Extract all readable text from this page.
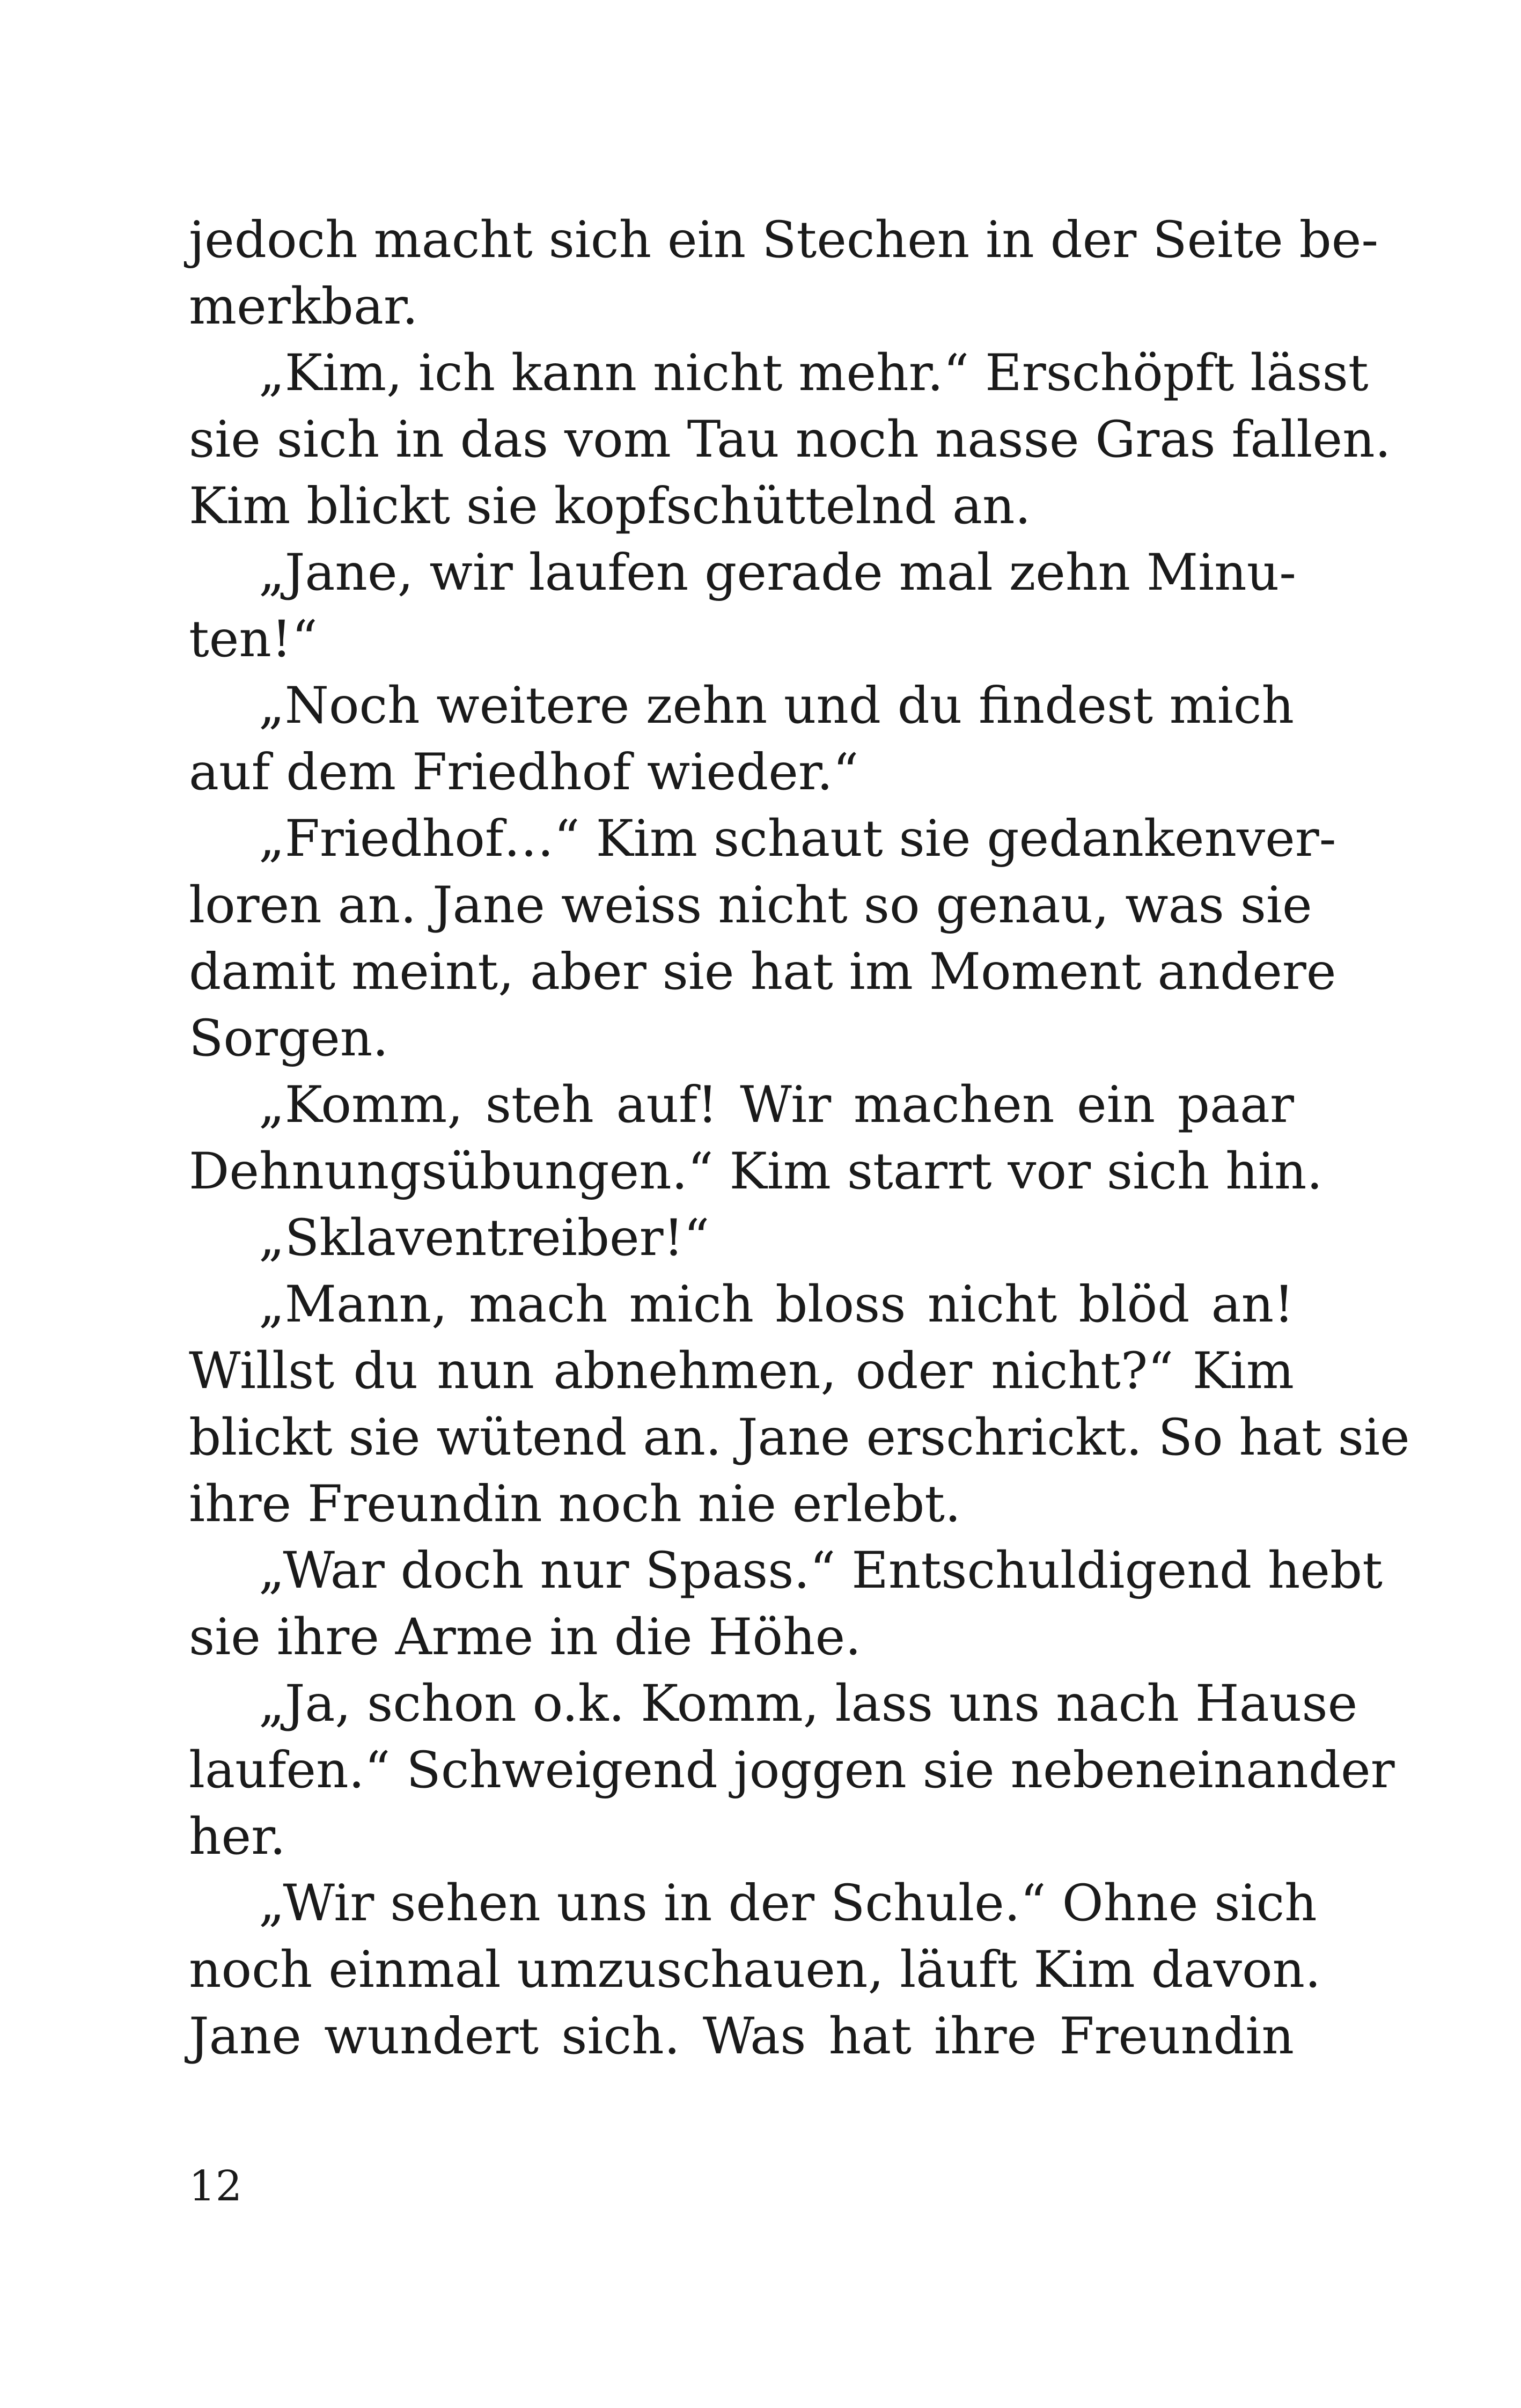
jedoch macht sich ein Stechen in der Seite be-
merkbar.
„Kim, ich kann nicht mehr.“ Erschöpft lässt
sie sich in das vom Tau noch nasse Gras fallen.
Kim blickt sie kopfschüttelnd an.
„Jane, wir laufen gerade mal zehn Minu-
ten!“
„Noch weitere zehn und du findest mich
auf dem Friedhof wieder.“
„Friedhof…“ Kim schaut sie gedankenver-
loren an. Jane weiss nicht so genau, was sie
damit meint, aber sie hat im Moment andere
Sorgen.
„Komm, steh auf! Wir machen ein paar
Dehnungsübungen.“ Kim starrt vor sich hin.
„Sklaventreiber!“
„Mann, mach mich bloss nicht blöd an!
Willst du nun abnehmen, oder nicht?“ Kim
blickt sie wütend an. Jane erschrickt. So hat sie
ihre Freundin noch nie erlebt.
„War doch nur Spass.“ Entschuldigend hebt
sie ihre Arme in die Höhe.
„Ja, schon o.k. Komm, lass uns nach Hause
laufen.“ Schweigend joggen sie nebeneinander
her.
„Wir sehen uns in der Schule.“ Ohne sich
noch einmal umzuschauen, läuft Kim davon.
Jane wundert sich. Was hat ihre Freundin
12
